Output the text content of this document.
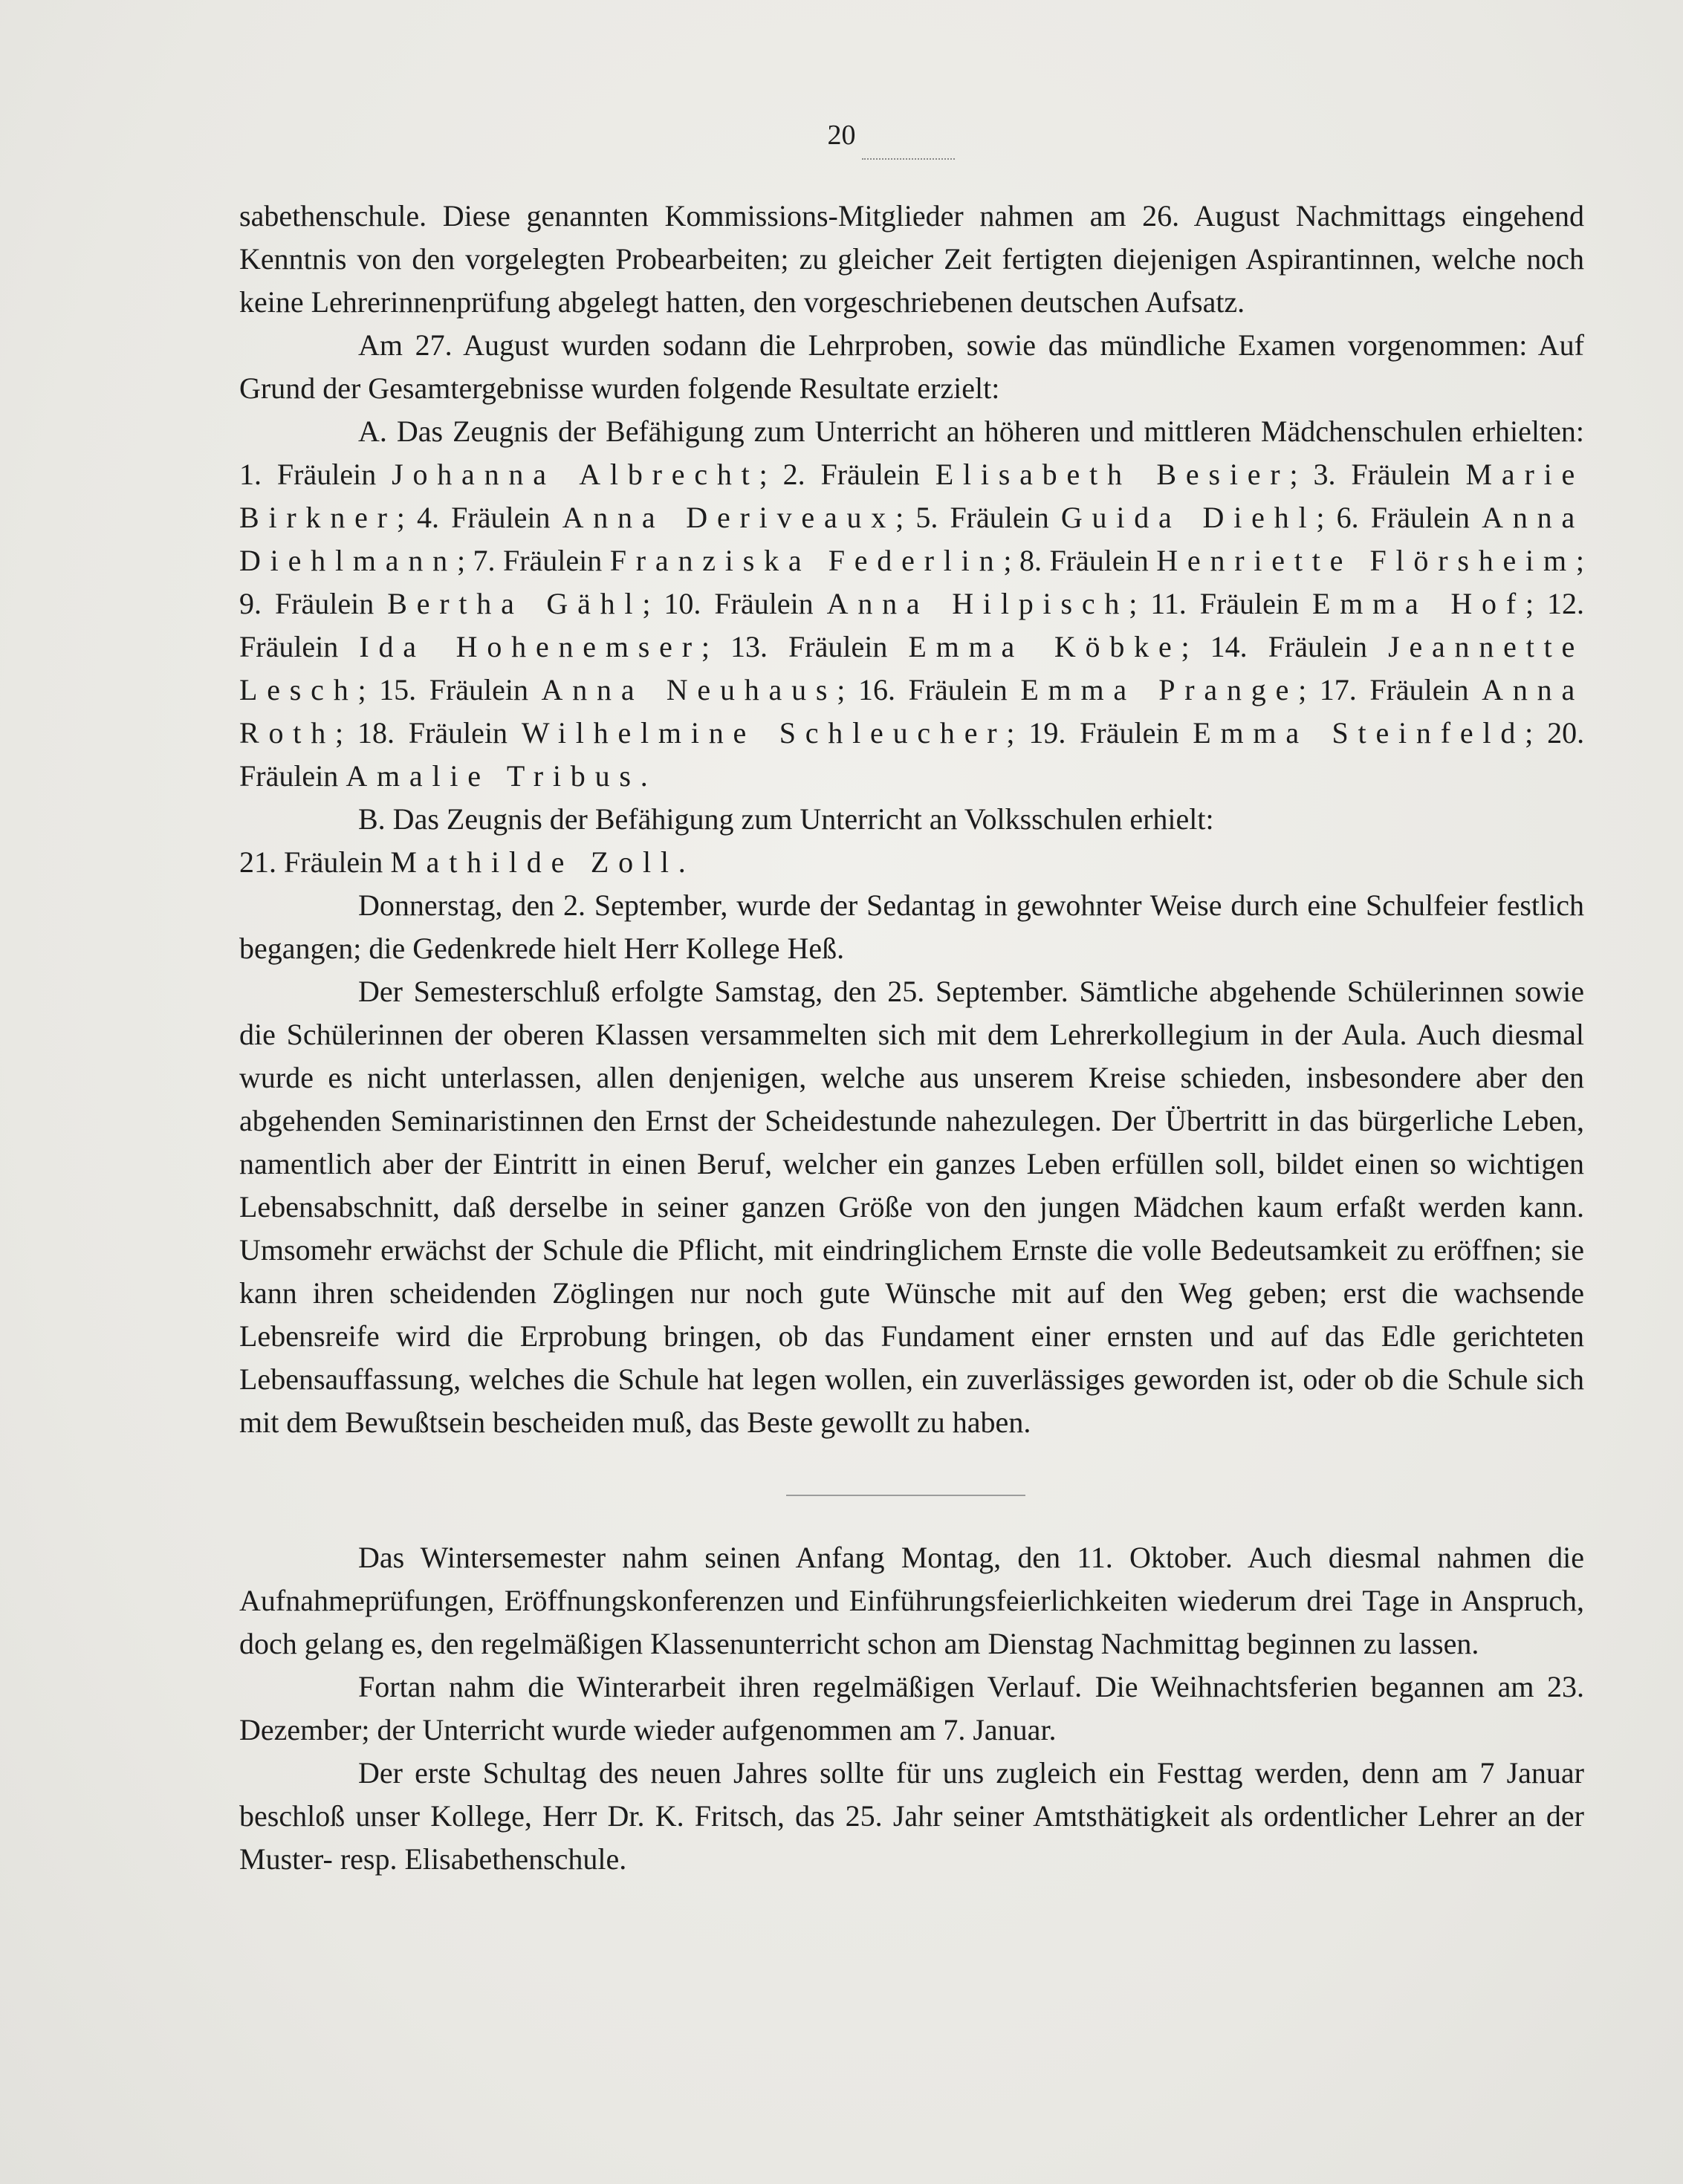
20

sabethenschule. Diese genannten Kommissions-Mitglieder nahmen am 26. August Nachmittags eingehend Kenntnis von den vorgelegten Probearbeiten; zu gleicher Zeit fertigten diejenigen Aspirantinnen, welche noch keine Lehrerinnenprüfung abgelegt hatten, den vorgeschriebenen deutschen Aufsatz.

Am 27. August wurden sodann die Lehrproben, sowie das mündliche Examen vorgenommen: Auf Grund der Gesamtergebnisse wurden folgende Resultate erzielt:

A. Das Zeugnis der Befähigung zum Unterricht an höheren und mittleren Mädchenschulen erhielten: 1. Fräulein Johanna Albrecht; 2. Fräulein Elisabeth Besier; 3. Fräulein Marie Birkner; 4. Fräulein Anna Deriveaux; 5. Fräulein Guida Diehl; 6. Fräulein Anna Diehlmann; 7. Fräulein Franziska Federlin; 8. Fräulein Henriette Flörsheim; 9. Fräulein Bertha Gähl; 10. Fräulein Anna Hilpisch; 11. Fräulein Emma Hof; 12. Fräulein Ida Hohenemser; 13. Fräulein Emma Köbke; 14. Fräulein Jeannette Lesch; 15. Fräulein Anna Neuhaus; 16. Fräulein Emma Prange; 17. Fräulein Anna Roth; 18. Fräulein Wilhelmine Schleucher; 19. Fräulein Emma Steinfeld; 20. Fräulein Amalie Tribus.

B. Das Zeugnis der Befähigung zum Unterricht an Volksschulen erhielt:

21. Fräulein Mathilde Zoll.

Donnerstag, den 2. September, wurde der Sedantag in gewohnter Weise durch eine Schulfeier festlich begangen; die Gedenkrede hielt Herr Kollege Heß.

Der Semesterschluß erfolgte Samstag, den 25. September. Sämtliche abgehende Schülerinnen sowie die Schülerinnen der oberen Klassen versammelten sich mit dem Lehrerkollegium in der Aula. Auch diesmal wurde es nicht unterlassen, allen denjenigen, welche aus unserem Kreise schieden, insbesondere aber den abgehenden Seminaristinnen den Ernst der Scheidestunde nahezulegen. Der Übertritt in das bürgerliche Leben, namentlich aber der Eintritt in einen Beruf, welcher ein ganzes Leben erfüllen soll, bildet einen so wichtigen Lebensabschnitt, daß derselbe in seiner ganzen Größe von den jungen Mädchen kaum erfaßt werden kann. Umsomehr erwächst der Schule die Pflicht, mit eindringlichem Ernste die volle Bedeutsamkeit zu eröffnen; sie kann ihren scheidenden Zöglingen nur noch gute Wünsche mit auf den Weg geben; erst die wachsende Lebensreife wird die Erprobung bringen, ob das Fundament einer ernsten und auf das Edle gerichteten Lebensauffassung, welches die Schule hat legen wollen, ein zuverlässiges geworden ist, oder ob die Schule sich mit dem Bewußtsein bescheiden muß, das Beste gewollt zu haben.

Das Wintersemester nahm seinen Anfang Montag, den 11. Oktober. Auch diesmal nahmen die Aufnahmeprüfungen, Eröffnungskonferenzen und Einführungsfeierlichkeiten wiederum drei Tage in Anspruch, doch gelang es, den regelmäßigen Klassenunterricht schon am Dienstag Nachmittag beginnen zu lassen.

Fortan nahm die Winterarbeit ihren regelmäßigen Verlauf. Die Weihnachtsferien begannen am 23. Dezember; der Unterricht wurde wieder aufgenommen am 7. Januar.

Der erste Schultag des neuen Jahres sollte für uns zugleich ein Festtag werden, denn am 7 Januar beschloß unser Kollege, Herr Dr. K. Fritsch, das 25. Jahr seiner Amtsthätigkeit als ordentlicher Lehrer an der Muster- resp. Elisabethenschule.
